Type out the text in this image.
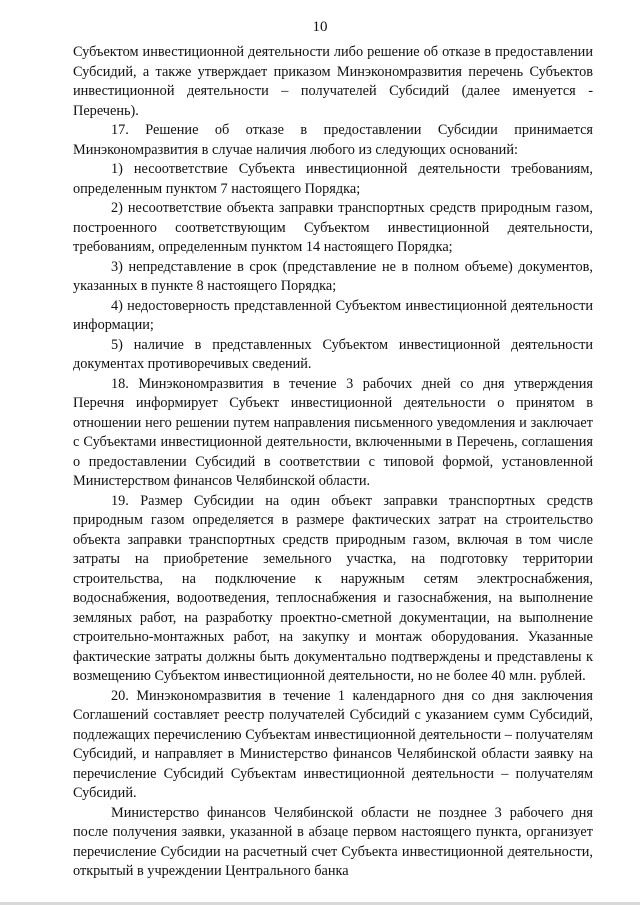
10

Субъектом инвестиционной деятельности либо решение об отказе в предоставлении Субсидий, а также утверждает приказом Минэкономразвития перечень Субъектов инвестиционной деятельности – получателей Субсидий (далее именуется - Перечень).

17. Решение об отказе в предоставлении Субсидии принимается Минэкономразвития в случае наличия любого из следующих оснований:

1) несоответствие Субъекта инвестиционной деятельности требованиям, определенным пунктом 7 настоящего Порядка;

2) несоответствие объекта заправки транспортных средств природным газом, построенного соответствующим Субъектом инвестиционной деятельности, требованиям, определенным пунктом 14 настоящего Порядка;

3) непредставление в срок (представление не в полном объеме) документов, указанных в пункте 8 настоящего Порядка;

4) недостоверность представленной Субъектом инвестиционной деятельности информации;

5) наличие в представленных Субъектом инвестиционной деятельности документах противоречивых сведений.

18. Минэкономразвития в течение 3 рабочих дней со дня утверждения Перечня информирует Субъект инвестиционной деятельности о принятом в отношении него решении путем направления письменного уведомления и заключает с Субъектами инвестиционной деятельности, включенными в Перечень, соглашения о предоставлении Субсидий в соответствии с типовой формой, установленной Министерством финансов Челябинской области.

19. Размер Субсидии на один объект заправки транспортных средств природным газом определяется в размере фактических затрат на строительство объекта заправки транспортных средств природным газом, включая в том числе затраты на приобретение земельного участка, на подготовку территории строительства, на подключение к наружным сетям электроснабжения, водоснабжения, водоотведения, теплоснабжения и газоснабжения, на выполнение земляных работ, на разработку проектно-сметной документации, на выполнение строительно-монтажных работ, на закупку и монтаж оборудования. Указанные фактические затраты должны быть документально подтверждены и представлены к возмещению Субъектом инвестиционной деятельности, но не более 40 млн. рублей.

20. Минэкономразвития в течение 1 календарного дня со дня заключения Соглашений составляет реестр получателей Субсидий с указанием сумм Субсидий, подлежащих перечислению Субъектам инвестиционной деятельности – получателям Субсидий, и направляет в Министерство финансов Челябинской области заявку на перечисление Субсидий Субъектам инвестиционной деятельности – получателям Субсидий.

Министерство финансов Челябинской области не позднее 3 рабочего дня после получения заявки, указанной в абзаце первом настоящего пункта, организует перечисление Субсидии на расчетный счет Субъекта инвестиционной деятельности, открытый в учреждении Центрального банка
